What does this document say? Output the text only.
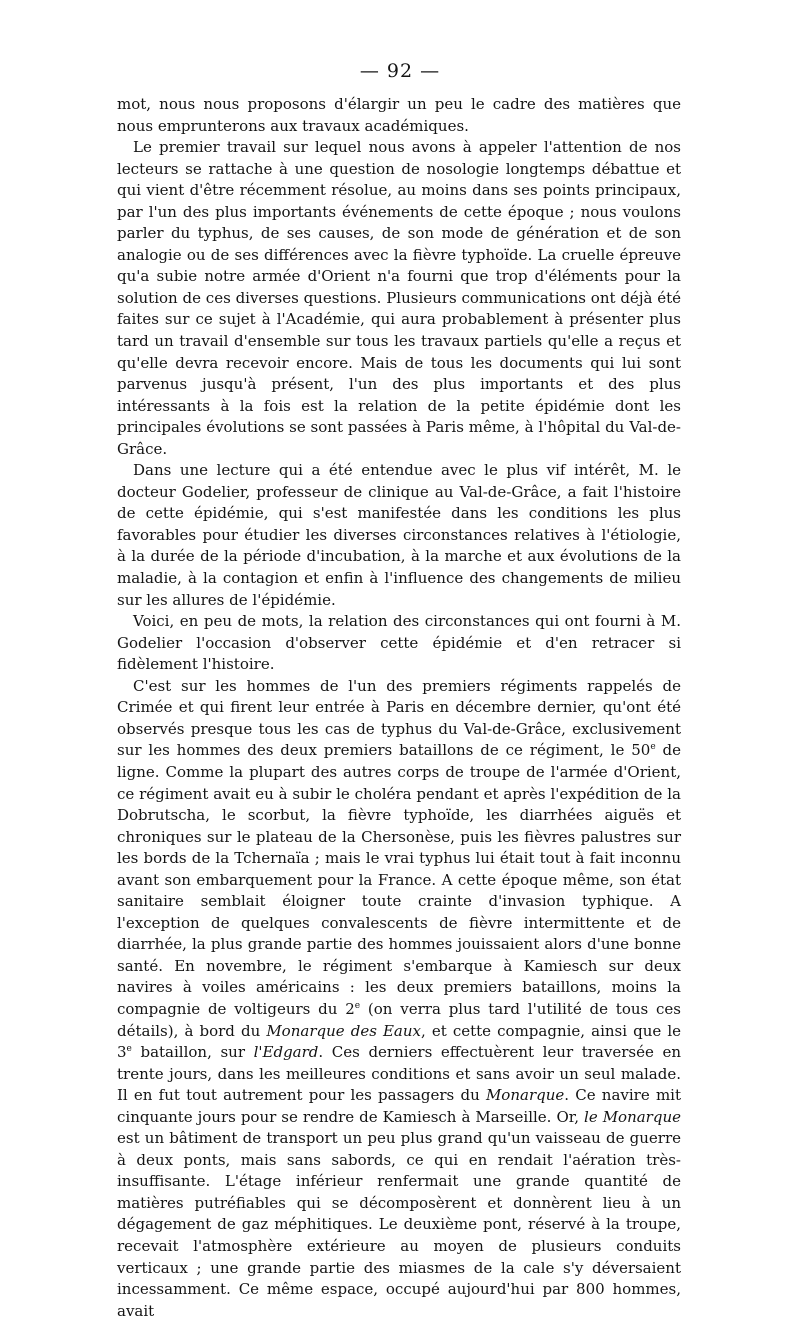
— 92 —

mot, nous nous proposons d'élargir un peu le cadre des matières que nous emprunterons aux travaux académiques.

Le premier travail sur lequel nous avons à appeler l'attention de nos lecteurs se rattache à une question de nosologie longtemps débattue et qui vient d'être récemment résolue, au moins dans ses points principaux, par l'un des plus importants événements de cette époque ; nous voulons parler du typhus, de ses causes, de son mode de génération et de son analogie ou de ses différences avec la fièvre typhoïde. La cruelle épreuve qu'a subie notre armée d'Orient n'a fourni que trop d'éléments pour la solution de ces diverses questions. Plusieurs communications ont déjà été faites sur ce sujet à l'Académie, qui aura probablement à présenter plus tard un travail d'ensemble sur tous les travaux partiels qu'elle a reçus et qu'elle devra recevoir encore. Mais de tous les documents qui lui sont parvenus jusqu'à présent, l'un des plus importants et des plus intéressants à la fois est la relation de la petite épidémie dont les principales évolutions se sont passées à Paris même, à l'hôpital du Val-de-Grâce.

Dans une lecture qui a été entendue avec le plus vif intérêt, M. le docteur Godelier, professeur de clinique au Val-de-Grâce, a fait l'histoire de cette épidémie, qui s'est manifestée dans les conditions les plus favorables pour étudier les diverses circonstances relatives à l'étiologie, à la durée de la période d'incubation, à la marche et aux évolutions de la maladie, à la contagion et enfin à l'influence des changements de milieu sur les allures de l'épidémie.

Voici, en peu de mots, la relation des circonstances qui ont fourni à M. Godelier l'occasion d'observer cette épidémie et d'en retracer si fidèlement l'histoire.

C'est sur les hommes de l'un des premiers régiments rappelés de Crimée et qui firent leur entrée à Paris en décembre dernier, qu'ont été observés presque tous les cas de typhus du Val-de-Grâce, exclusivement sur les hommes des deux premiers bataillons de ce régiment, le 50e de ligne. Comme la plupart des autres corps de troupe de l'armée d'Orient, ce régiment avait eu à subir le choléra pendant et après l'expédition de la Dobrutscha, le scorbut, la fièvre typhoïde, les diarrhées aiguës et chroniques sur le plateau de la Chersonèse, puis les fièvres palustres sur les bords de la Tchernaïa ; mais le vrai typhus lui était tout à fait inconnu avant son embarquement pour la France. A cette époque même, son état sanitaire semblait éloigner toute crainte d'invasion typhique. A l'exception de quelques convalescents de fièvre intermittente et de diarrhée, la plus grande partie des hommes jouissaient alors d'une bonne santé. En novembre, le régiment s'embarque à Kamiesch sur deux navires à voiles américains : les deux premiers bataillons, moins la compagnie de voltigeurs du 2e (on verra plus tard l'utilité de tous ces détails), à bord du Monarque des Eaux, et cette compagnie, ainsi que le 3e bataillon, sur l'Edgard. Ces derniers effectuèrent leur traversée en trente jours, dans les meilleures conditions et sans avoir un seul malade. Il en fut tout autrement pour les passagers du Monarque. Ce navire mit cinquante jours pour se rendre de Kamiesch à Marseille. Or, le Monarque est un bâtiment de transport un peu plus grand qu'un vaisseau de guerre à deux ponts, mais sans sabords, ce qui en rendait l'aération très-insuffisante. L'étage inférieur renfermait une grande quantité de matières putréfiables qui se décomposèrent et donnèrent lieu à un dégagement de gaz méphitiques. Le deuxième pont, réservé à la troupe, recevait l'atmosphère extérieure au moyen de plusieurs conduits verticaux ; une grande partie des miasmes de la cale s'y déversaient incessamment. Ce même espace, occupé aujourd'hui par 800 hommes, avait
